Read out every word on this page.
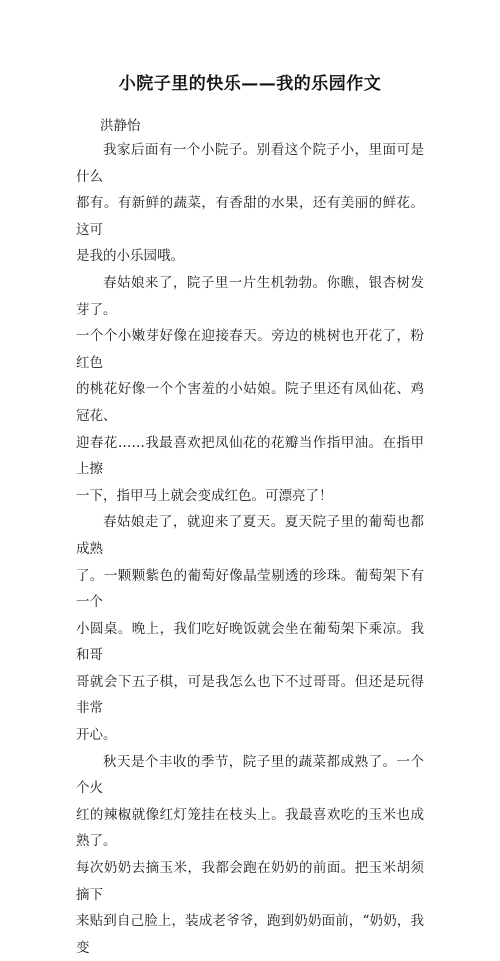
小院子里的快乐——我的乐园作文
洪静怡

我家后面有一个小院子。别看这个院子小，里面可是什么
都有。有新鲜的蔬菜，有香甜的水果，还有美丽的鲜花。这可
是我的小乐园哦。

春姑娘来了，院子里一片生机勃勃。你瞧，银杏树发芽了。
一个个小嫩芽好像在迎接春天。旁边的桃树也开花了，粉红色
的桃花好像一个个害羞的小姑娘。院子里还有凤仙花、鸡冠花、
迎春花……我最喜欢把凤仙花的花瓣当作指甲油。在指甲上擦
一下，指甲马上就会变成红色。可漂亮了！

春姑娘走了，就迎来了夏天。夏天院子里的葡萄也都成熟
了。一颗颗紫色的葡萄好像晶莹剔透的珍珠。葡萄架下有一个
小圆桌。晚上，我们吃好晚饭就会坐在葡萄架下乘凉。我和哥
哥就会下五子棋，可是我怎么也下不过哥哥。但还是玩得非常
开心。

秋天是个丰收的季节，院子里的蔬菜都成熟了。一个个火
红的辣椒就像红灯笼挂在枝头上。我最喜欢吃的玉米也成熟了。
每次奶奶去摘玉米，我都会跑在奶奶的前面。把玉米胡须摘下
来贴到自己脸上，装成老爷爷，跑到奶奶面前，“奶奶，我变
